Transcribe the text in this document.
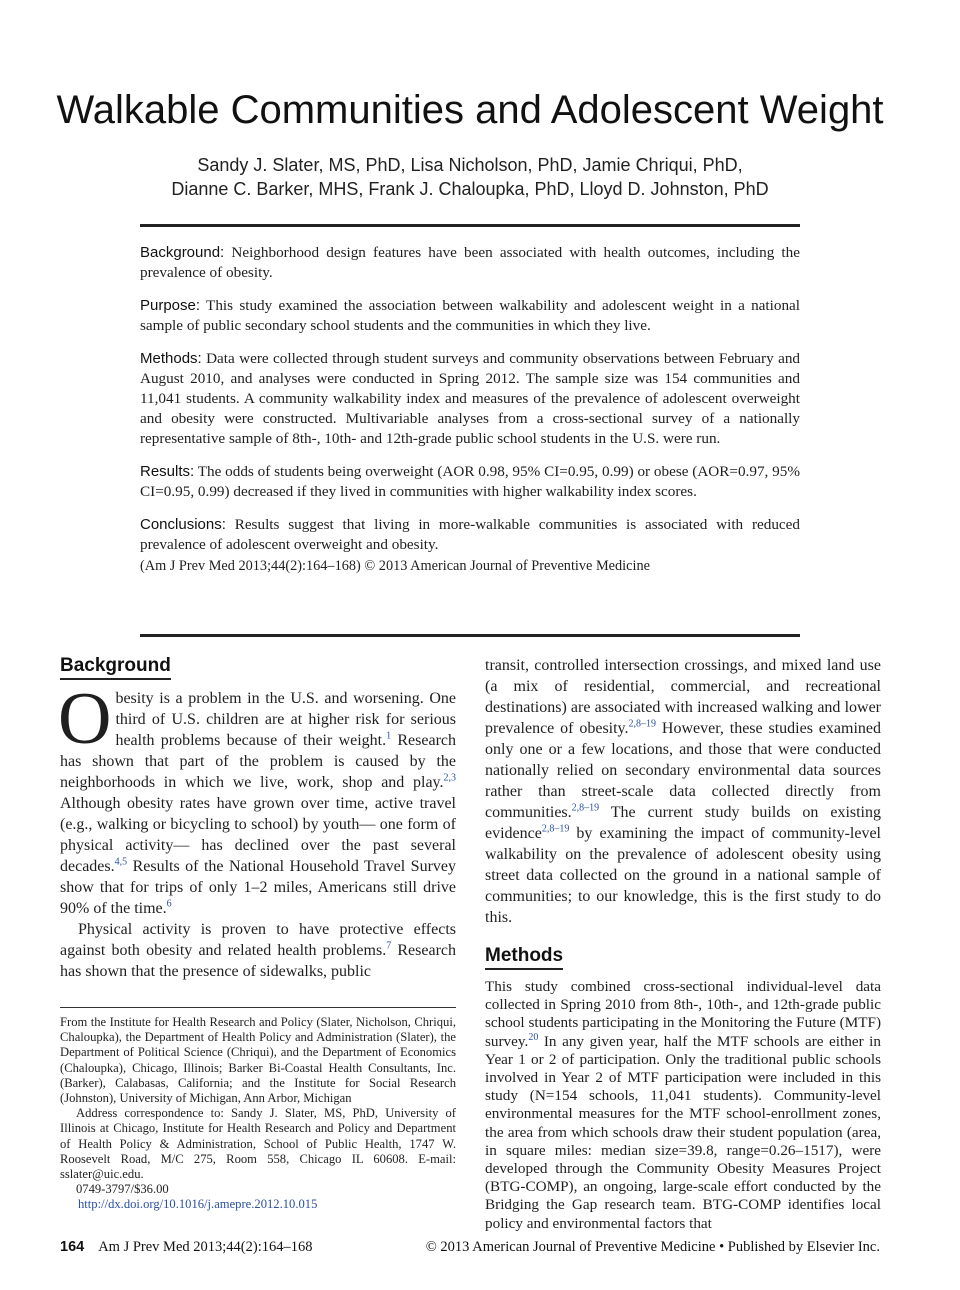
Walkable Communities and Adolescent Weight
Sandy J. Slater, MS, PhD, Lisa Nicholson, PhD, Jamie Chriqui, PhD,
Dianne C. Barker, MHS, Frank J. Chaloupka, PhD, Lloyd D. Johnston, PhD

Background: Neighborhood design features have been associated with health outcomes, including the prevalence of obesity.

Purpose: This study examined the association between walkability and adolescent weight in a national sample of public secondary school students and the communities in which they live.

Methods: Data were collected through student surveys and community observations between February and August 2010, and analyses were conducted in Spring 2012. The sample size was 154 communities and 11,041 students. A community walkability index and measures of the prevalence of adolescent overweight and obesity were constructed. Multivariable analyses from a cross-sectional survey of a nationally representative sample of 8th-, 10th- and 12th-grade public school students in the U.S. were run.

Results: The odds of students being overweight (AOR 0.98, 95% CI=0.95, 0.99) or obese (AOR=0.97, 95% CI=0.95, 0.99) decreased if they lived in communities with higher walkability index scores.

Conclusions: Results suggest that living in more-walkable communities is associated with reduced prevalence of adolescent overweight and obesity.

(Am J Prev Med 2013;44(2):164–168) © 2013 American Journal of Preventive Medicine

Background

Obesity is a problem in the U.S. and worsening. One third of U.S. children are at higher risk for serious health problems because of their weight.$^1$ Research has shown that part of the problem is caused by the neighborhoods in which we live, work, shop and play.$^{2,3}$ Although obesity rates have grown over time, active travel (e.g., walking or bicycling to school) by youth— one form of physical activity— has declined over the past several decades.$^{4,5}$ Results of the National Household Travel Survey show that for trips of only 1–2 miles, Americans still drive 90% of the time.$^6$

Physical activity is proven to have protective effects against both obesity and related health problems.$^7$ Research has shown that the presence of sidewalks, public

From the Institute for Health Research and Policy (Slater, Nicholson, Chriqui, Chaloupka), the Department of Health Policy and Administration (Slater), the Department of Political Science (Chriqui), and the Department of Economics (Chaloupka), Chicago, Illinois; Barker Bi-Coastal Health Consultants, Inc. (Barker), Calabasas, California; and the Institute for Social Research (Johnston), University of Michigan, Ann Arbor, Michigan

Address correspondence to: Sandy J. Slater, MS, PhD, University of Illinois at Chicago, Institute for Health Research and Policy and Department of Health Policy & Administration, School of Public Health, 1747 W. Roosevelt Road, M/C 275, Room 558, Chicago IL 60608. E-mail: sslater@uic.edu.

0749-3797/$36.00

http://dx.doi.org/10.1016/j.amepre.2012.10.015

transit, controlled intersection crossings, and mixed land use (a mix of residential, commercial, and recreational destinations) are associated with increased walking and lower prevalence of obesity.$^{2,8-19}$ However, these studies examined only one or a few locations, and those that were conducted nationally relied on secondary environmental data sources rather than street-scale data collected directly from communities.$^{2,8-19}$ The current study builds on existing evidence$^{2,8-19}$ by examining the impact of community-level walkability on the prevalence of adolescent obesity using street data collected on the ground in a national sample of communities; to our knowledge, this is the first study to do this.

Methods

This study combined cross-sectional individual-level data collected in Spring 2010 from 8th-, 10th-, and 12th-grade public school students participating in the Monitoring the Future (MTF) survey.$^{20}$ In any given year, half the MTF schools are either in Year 1 or 2 of participation. Only the traditional public schools involved in Year 2 of MTF participation were included in this study (N=154 schools, 11,041 students). Community-level environmental measures for the MTF school-enrollment zones, the area from which schools draw their student population (area, in square miles: median size=39.8, range=0.26–1517), were developed through the Community Obesity Measures Project (BTG-COMP), an ongoing, large-scale effort conducted by the Bridging the Gap research team. BTG-COMP identifies local policy and environmental factors that

164 Am J Prev Med 2013;44(2):164–168	© 2013 American Journal of Preventive Medicine • Published by Elsevier Inc.
